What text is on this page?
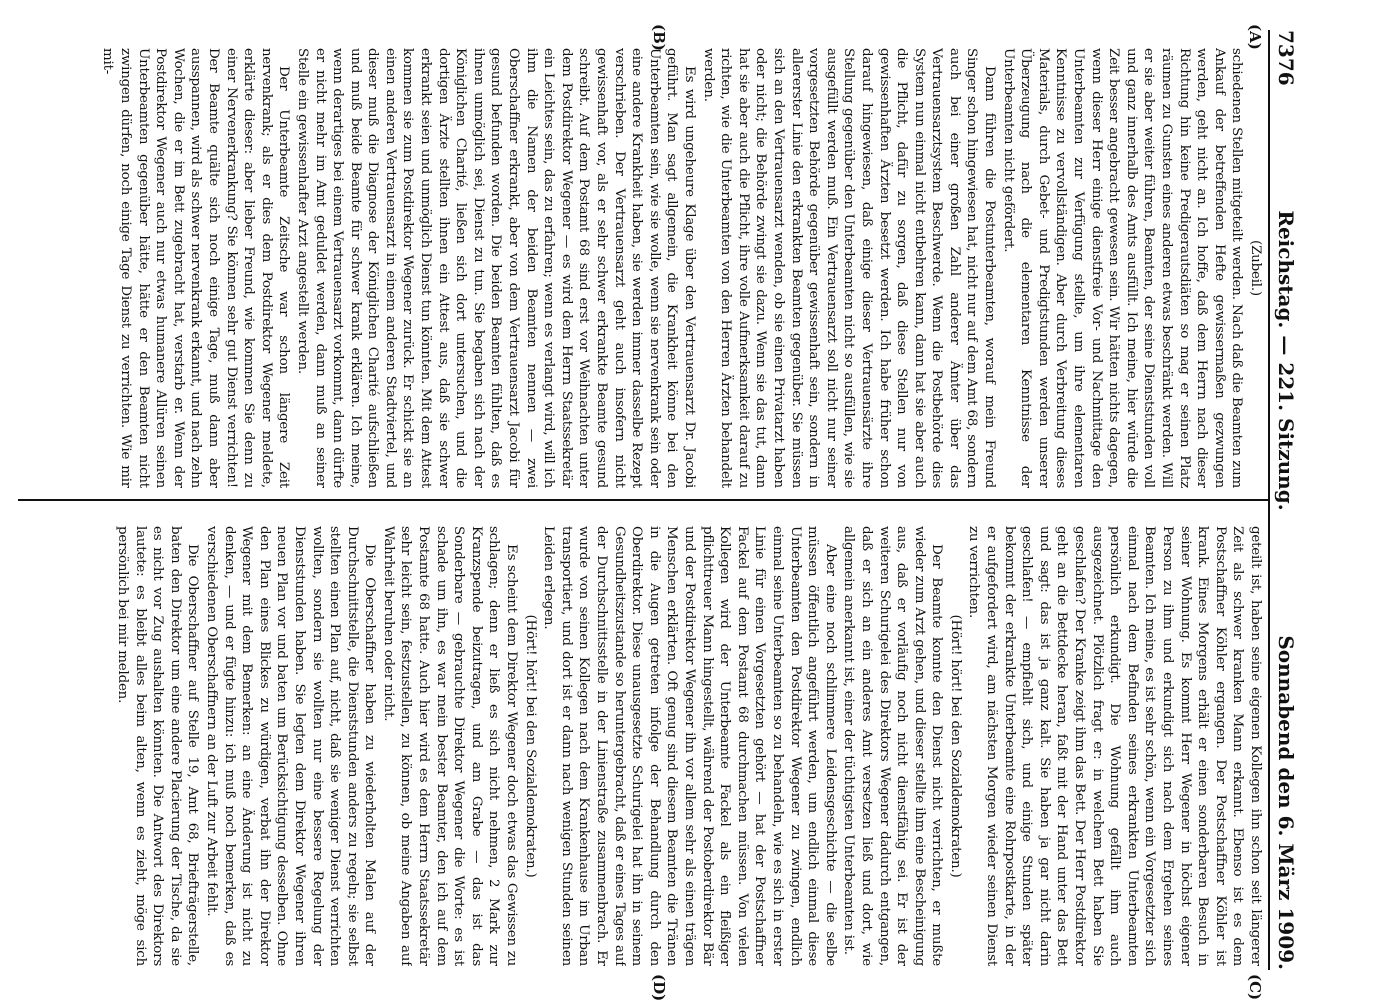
7376
Reichstag. — 221. Sitzung.
Sonnabend den 6. März 1909.
(A)
(B)
(C)
(D)

(Zubeil.)

schiedenen Stellen mitgeteilt werden. Nach daß die Beamten zum Ankauf der betreffenden Hefte gewissermaßen gezwungen werden, geht nicht an. Ich hoffe, daß dem Herrn nach dieser Richtung hin keine Predigerautsdiäten so mag er seinen Platz räumen zu Gunsten eines anderen etwas beschränkt werden. Will er sie aber weiter führen, Beamten, der seine Dienststunden voll und ganz innerhalb des Amts ausfüllt. Ich meine, hier würde die Zeit besser angebracht gewesen sein. Wir hätten nichts dagegen, wenn dieser Herr einige dienstfreie Vor- und Nachmittage den Unterbeamten zur Verfügung stellte, um ihre elementaren Kenntnisse zu vervollständigen. Aber durch Verbreitung dieses Materials, durch Gebet- und Predigtstunden werden unserer Überzeugung nach die elementaren Kenntnisse der Unterbeamten nicht gefördert.

Dann führen die Postunterbeamten, worauf mein Freund Singer schon hingewiesen hat, nicht nur auf dem Amt 68, sondern auch bei einer großen Zahl anderer Ämter über das Vertrauensarztsystem Beschwerde. Wenn die Postbehörde dies System nun einmal nicht entbehren kann, dann hat sie aber auch die Pflicht, dafür zu sorgen, daß diese Stellen nur von gewissenhaften Ärzten besetzt werden. Ich habe früher schon darauf hingewiesen, daß einige dieser Vertrauensärzte ihre Stellung gegenüber den Unterbeamten nicht so ausfüllen, wie sie ausgefüllt werden muß. Ein Vertrauensarzt soll nicht nur seiner vorgesetzten Behörde gegenüber gewissenhaft sein, sondern in allererster Linie den erkrankten Beamten gegenüber. Sie müssen sich an den Vertrauensarzt wenden, ob sie einen Privatarzt haben oder nicht; die Behörde zwingt sie dazu. Wenn sie das tut, dann hat sie aber auch die Pflicht, ihre volle Aufmerksamkeit darauf zu richten, wie die Unterbeamten von den Herren Ärzten behandelt werden.

Es wird ungeheure Klage über den Vertrauensarzt Dr. Jacobi geführt. Man sagt allgemein, die Krankheit könne bei den Unterbeamten sein, wie sie wolle, wenn sie nervenkrank sein oder eine andere Krankheit haben, sie werden immer dasselbe Rezept verschrieben. Der Vertrauensarzt geht auch insofern nicht gewissenhaft vor, als er sehr schwer erkrankte Beamte gesund schreibt. Auf dem Postamt 68 sind erst vor Weihnachten unter dem Postdirektor Wegener — es wird dem Herrn Staatssekretär ein Leichtes sein, das zu erfahren; wenn es verlangt wird, will ich ihm die Namen der beiden Beamten nennen — zwei Oberschaffner erkrankt, aber von dem Vertrauensarzt Jacobi für gesund befunden worden. Die beiden Beamten fühlten, daß es ihnen unmöglich sei, Dienst zu tun. Sie begaben sich nach der Königlichen Charité, ließen sich dort untersuchen, und die dortigen Ärzte stellten ihnen ein Attest aus, daß sie schwer erkrankt seien und unmöglich Dienst tun könnten. Mit dem Attest kommen sie zum Postdirektor Wegener zurück. Er schickt sie an einen anderen Vertrauensarzt in einem anderen Stadtviertel, und dieser muß die Diagnose der Königlichen Charité aufschließen und muß beide Beamte für schwer krank erklären. Ich meine, wenn derartiges bei einem Vertrauensarzt vorkommt, dann dürfte er nicht mehr im Amt geduldet werden, dann muß an seiner Stelle ein gewissenhafter Arzt angestellt werden.

Der Unterbeamte Zeitsche war schon längere Zeit nervenkrank; als er dies dem Postdirektor Wegener meldete, erklärte dieser: aber lieber Freund, wie kommen Sie denn zu einer Nervenerkrankung? Sie können sehr gut Dienst verrichten! Der Beamte quälte sich noch einige Tage, muß dann aber ausspannen, wird als schwer nervenkrank erkannt, und nach zehn Wochen, die er im Bett zugebracht hat, verstarb er. Wenn der Postdirektor Wegener auch nur etwas humanere Allüren seinen Unterbeamten gegenüber hätte, hätte er den Beamten nicht zwingen dürfen, noch einige Tage Dienst zu verrichten. Wie mir mit-

geteilt ist, haben seine eigenen Kollegen ihn schon seit längerer Zeit als schwer kranken Mann erkannt. Ebenso ist es dem Postschaffner Köhler ergangen. Der Postschaffner Köhler ist krank. Eines Morgens erhält er einen sonderbaren Besuch in seiner Wohnung. Es kommt Herr Wegener in höchst eigener Person zu ihm und erkundigt sich nach dem Ergehen seines Beamten. Ich meine, es ist sehr schön, wenn ein Vorgesetzter sich einmal nach dem Befinden seines erkrankten Unterbeamten persönlich erkundigt. Die Wohnung gefällt ihm auch ausgezeichnet. Plötzlich fragt er: in welchem Bett haben Sie geschlafen? Der Kranke zeigt ihm das Bett. Der Herr Postdirektor geht an die Bettdecke heran, faßt mit der Hand unter das Bett und sagt: das ist ja ganz kalt. Sie haben ja gar nicht darin geschlafen! — empfiehlt sich, und einige Stunden später bekommt der erkrankte Unterbeamte eine Rohrpostkarte, in der er aufgefordert wird, am nächsten Morgen wieder seinen Dienst zu verrichten.

(Hört! hört! bei den Sozialdemokraten.)

Der Beamte konnte den Dienst nicht verrichten, er mußte wieder zum Arzt gehen, und dieser stellte ihm eine Bescheinigung aus, daß er vorläufig noch nicht dienstfähig sei. Er ist der weiteren Schurigelei des Direktors Wegener dadurch entgangen, daß er sich an ein anderes Amt versetzen ließ und dort, wie allgemein anerkannt ist, einer der tüchtigsten Unterbeamten ist.

Aber eine noch schlimmere Leidensgeschichte — die selbe müssen öffentlich angeführt werden, um endlich einmal diese Unterbeamten den Postdirektor Wegener zu zwingen, endlich einmal seine Unterbeamten so zu behandeln, wie es sich in erster Linie für einen Vorgesetzten gehört — hat der Postschaffner Fackel auf dem Postamt 68 durchmachen müssen. Von vielen Kollegen wird der Unterbeamte Fackel als ein fleißiger pflichttreuer Mann hingestellt, während der Postoberdirektor Bär und der Postdirektor Wegener ihn vor allem sehr als einen trägen Menschen erklärten. Oft genug sind diesem Beamten die Tränen in die Augen getreten infolge der Behandlung durch den Oberdirektor. Diese unausgesetzte Schurigelei hat ihn in seinem Gesundheitszustande so heruntergebracht, daß er eines Tages auf der Durchschnittsstelle in der Linienstraße zusammenbrach. Er wurde von seinen Kollegen nach dem Krankenhause im Urban transportiert, und dort ist er dann nach wenigen Stunden seinen Leiden erlegen.

(Hört! hört! bei den Sozialdemokraten.)

Es scheint dem Direktor Wegener doch etwas das Gewissen zu schlagen; denn er ließ es sich nicht nehmen, 2 Mark zur Kranzspende beizutragen, und am Grabe — das ist das Sonderbare — gebrauchte Direktor Wegener die Worte: es ist schade um ihn, es war mein bester Beamter, den ich auf dem Postamte 68 hatte. Auch hier wird es dem Herrn Staatssekretär sehr leicht sein, festzustellen, zu können, ob meine Angaben auf Wahrheit beruhen oder nicht.

Die Oberschaffner haben zu wiederholten Malen auf der Durchschnittstelle, die Dienststunden anders zu regeln; sie selbst stellten einen Plan auf, nicht, daß sie weniger Dienst verrichten wollten, sondern sie wollten nur eine bessere Regelung der Dienststunden haben. Sie legten dem Direktor Wegener ihren neuen Plan vor und baten um Berücksichtigung desselben. Ohne den Plan eines Blickes zu würdigen, verbat ihn der Direktor Wegener mit dem Bemerken: an eine Änderung ist nicht zu denken, — und er fügte hinzu: ich muß noch bemerken, daß es verschiedenen Oberschaffnern an der Luft zur Arbeit fehlt.

Die Oberschaffner auf Stelle 19, Amt 68, Briefträgerstelle, baten den Direktor um eine andere Placierung der Tische, da sie es nicht vor Zug aushalten könnten. Die Antwort des Direktors lautete: es bleibt alles beim alten, wenn es zieht, möge sich persönlich bei mir melden.
